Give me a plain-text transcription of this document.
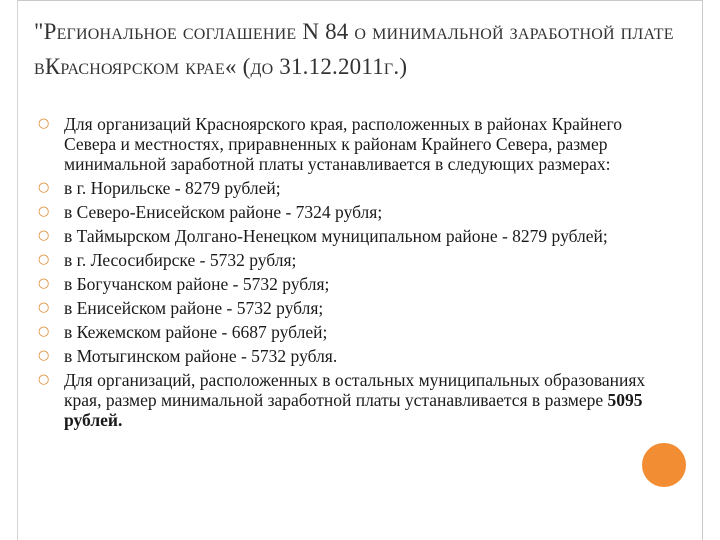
"Региональное соглашение N 84 о минимальной заработной плате вКрасноярском крае« (до 31.12.2011г.)
○ Для организаций Красноярского края, расположенных в районах Крайнего Севера и местностях, приравненных к районам Крайнего Севера, размер минимальной заработной платы устанавливается в следующих размерах:
○ в г. Норильске - 8279 рублей;
○ в Северо-Енисейском районе - 7324 рубля;
○ в Таймырском Долгано-Ненецком муниципальном районе - 8279 рублей;
○ в г. Лесосибирске - 5732 рубля;
○ в Богучанском районе - 5732 рубля;
○ в Енисейском районе - 5732 рубля;
○ в Кежемском районе - 6687 рублей;
○ в Мотыгинском районе - 5732 рубля.
○ Для организаций, расположенных в остальных муниципальных образованиях края, размер минимальной заработной платы устанавливается в размере 5095 рублей.
